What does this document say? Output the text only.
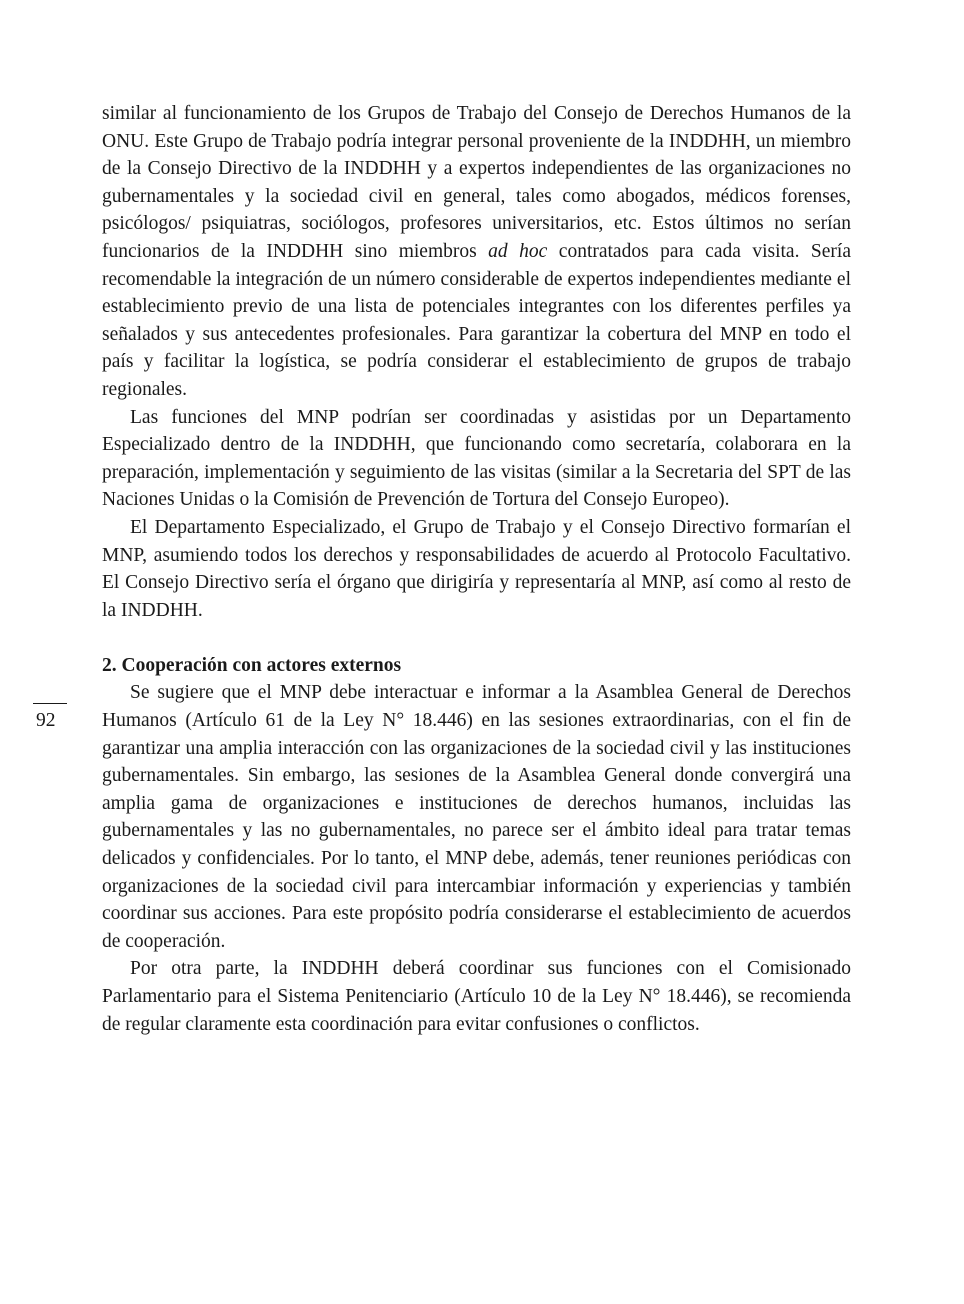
92

similar al funcionamiento de los Grupos de Trabajo del Consejo de Derechos Humanos de la ONU. Este Grupo de Trabajo podría integrar personal proveniente de la INDDHH, un miembro de la Consejo Directivo de la INDDHH y a expertos independientes de las organizaciones no gubernamentales y la sociedad civil en general, tales como abogados, médicos forenses, psicólogos/ psiquiatras, sociólogos, profesores universitarios, etc. Estos últimos no serían funcionarios de la INDDHH sino miembros ad hoc contratados para cada visita. Sería recomendable la integración de un número considerable de expertos independientes mediante el establecimiento previo de una lista de potenciales integrantes con los diferentes perfiles ya señalados y sus antecedentes profesionales. Para garantizar la cobertura del MNP en todo el país y facilitar la logística, se podría considerar el establecimiento de grupos de trabajo regionales.

Las funciones del MNP podrían ser coordinadas y asistidas por un Departamento Especializado dentro de la INDDHH, que funcionando como secretaría, colaborara en la preparación, implementación y seguimiento de las visitas (similar a la Secretaria del SPT de las Naciones Unidas o la Comisión de Prevención de Tortura del Consejo Europeo).

El Departamento Especializado, el Grupo de Trabajo y el Consejo Directivo formarían el MNP, asumiendo todos los derechos y responsabilidades de acuerdo al Protocolo Facultativo. El Consejo Directivo sería el órgano que dirigiría y representaría al MNP, así como al resto de la INDDHH.

2. Cooperación con actores externos

Se sugiere que el MNP debe interactuar e informar a la Asamblea General de Derechos Humanos (Artículo 61 de la Ley N° 18.446) en las sesiones extraordinarias, con el fin de garantizar una amplia interacción con las organizaciones de la sociedad civil y las instituciones gubernamentales. Sin embargo, las sesiones de la Asamblea General donde convergirá una amplia gama de organizaciones e instituciones de derechos humanos, incluidas las gubernamentales y las no gubernamentales, no parece ser el ámbito ideal para tratar temas delicados y confidenciales. Por lo tanto, el MNP debe, además, tener reuniones periódicas con organizaciones de la sociedad civil para intercambiar información y experiencias y también coordinar sus acciones. Para este propósito podría considerarse el establecimiento de acuerdos de cooperación.

Por otra parte, la INDDHH deberá coordinar sus funciones con el Comisionado Parlamentario para el Sistema Penitenciario (Artículo 10 de la Ley N° 18.446), se recomienda de regular claramente esta coordinación para evitar confusiones o conflictos.
